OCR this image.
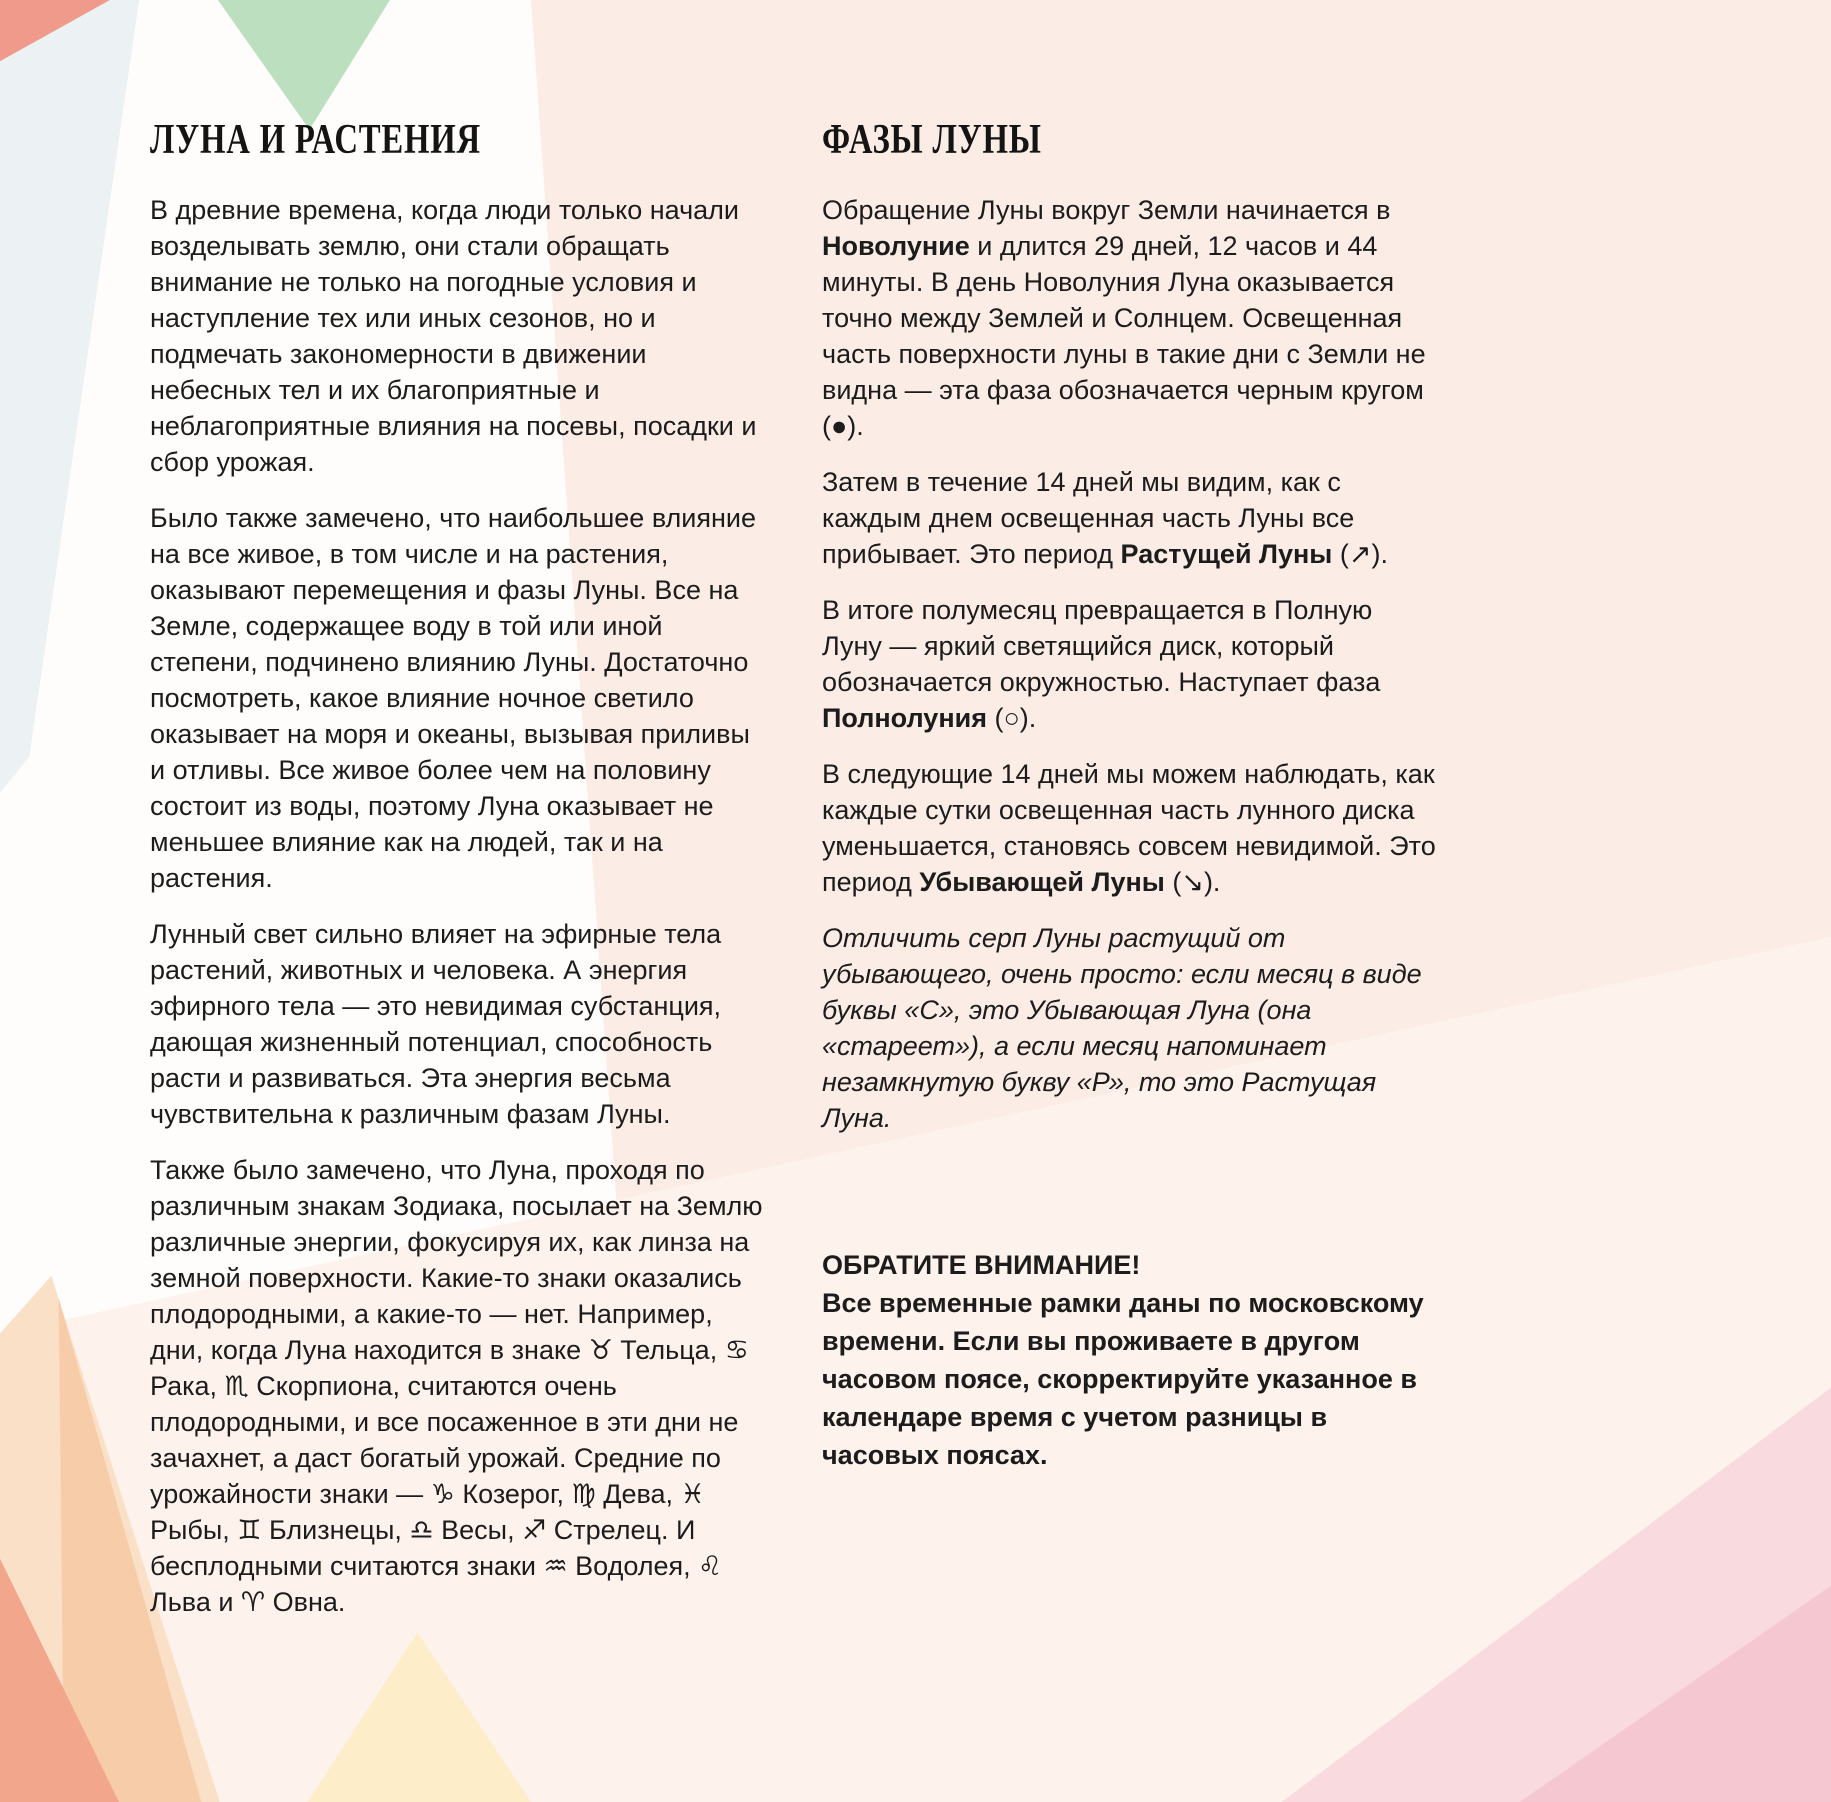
ЛУНА И РАСТЕНИЯ

В древние времена, когда люди только начали возделывать землю, они стали обращать внимание не только на погодные условия и наступление тех или иных сезонов, но и подмечать закономерности в движении небесных тел и их благоприятные и неблагоприятные влияния на посевы, посадки и сбор урожая.

Было также замечено, что наибольшее влияние на все живое, в том числе и на растения, оказывают перемещения и фазы Луны. Все на Земле, содержащее воду в той или иной степени, подчинено влиянию Луны. Достаточно посмотреть, какое влияние ночное светило оказывает на моря и океаны, вызывая приливы и отливы. Все живое более чем на половину состоит из воды, поэтому Луна оказывает не меньшее влияние как на людей, так и на растения.

Лунный свет сильно влияет на эфирные тела растений, животных и человека. А энергия эфирного тела — это невидимая субстанция, дающая жизненный потенциал, способность расти и развиваться. Эта энергия весьма чувствительна к различным фазам Луны.

Также было замечено, что Луна, проходя по различным знакам Зодиака, посылает на Землю различные энергии, фокусируя их, как линза на земной поверхности. Какие-то знаки оказались плодородными, а какие-то — нет. Например, дни, когда Луна находится в знаке ♉ Тельца, ♋ Рака, ♏ Скорпиона, считаются очень плодородными, и все посаженное в эти дни не зачахнет, а даст богатый урожай. Средние по урожайности знаки — ♑ Козерог, ♍ Дева, ♓ Рыбы, ♊ Близнецы, ♎ Весы, ♐ Стрелец. И бесплодными считаются знаки ♒ Водолея, ♌ Льва и ♈ Овна.

ФАЗЫ ЛУНЫ

Обращение Луны вокруг Земли начинается в Новолуние и длится 29 дней, 12 часов и 44 минуты. В день Новолуния Луна оказывается точно между Землей и Солнцем. Освещенная часть поверхности луны в такие дни с Земли не видна — эта фаза обозначается черным кругом (●).

Затем в течение 14 дней мы видим, как с каждым днем освещенная часть Луны все прибывает. Это период Растущей Луны (↗).

В итоге полумесяц превращается в Полную Луну — яркий светящийся диск, который обозначается окружностью. Наступает фаза Полнолуния (○).

В следующие 14 дней мы можем наблюдать, как каждые сутки освещенная часть лунного диска уменьшается, становясь совсем невидимой. Это период Убывающей Луны (↘).

Отличить серп Луны растущий от убывающего, очень просто: если месяц в виде буквы «С», это Убывающая Луна (она «стареет»), а если месяц напоминает незамкнутую букву «Р», то это Растущая Луна.

ОБРАТИТЕ ВНИМАНИЕ!

Все временные рамки даны по московскому времени. Если вы проживаете в другом часовом поясе, скорректируйте указанное в календаре время с учетом разницы в часовых поясах.
